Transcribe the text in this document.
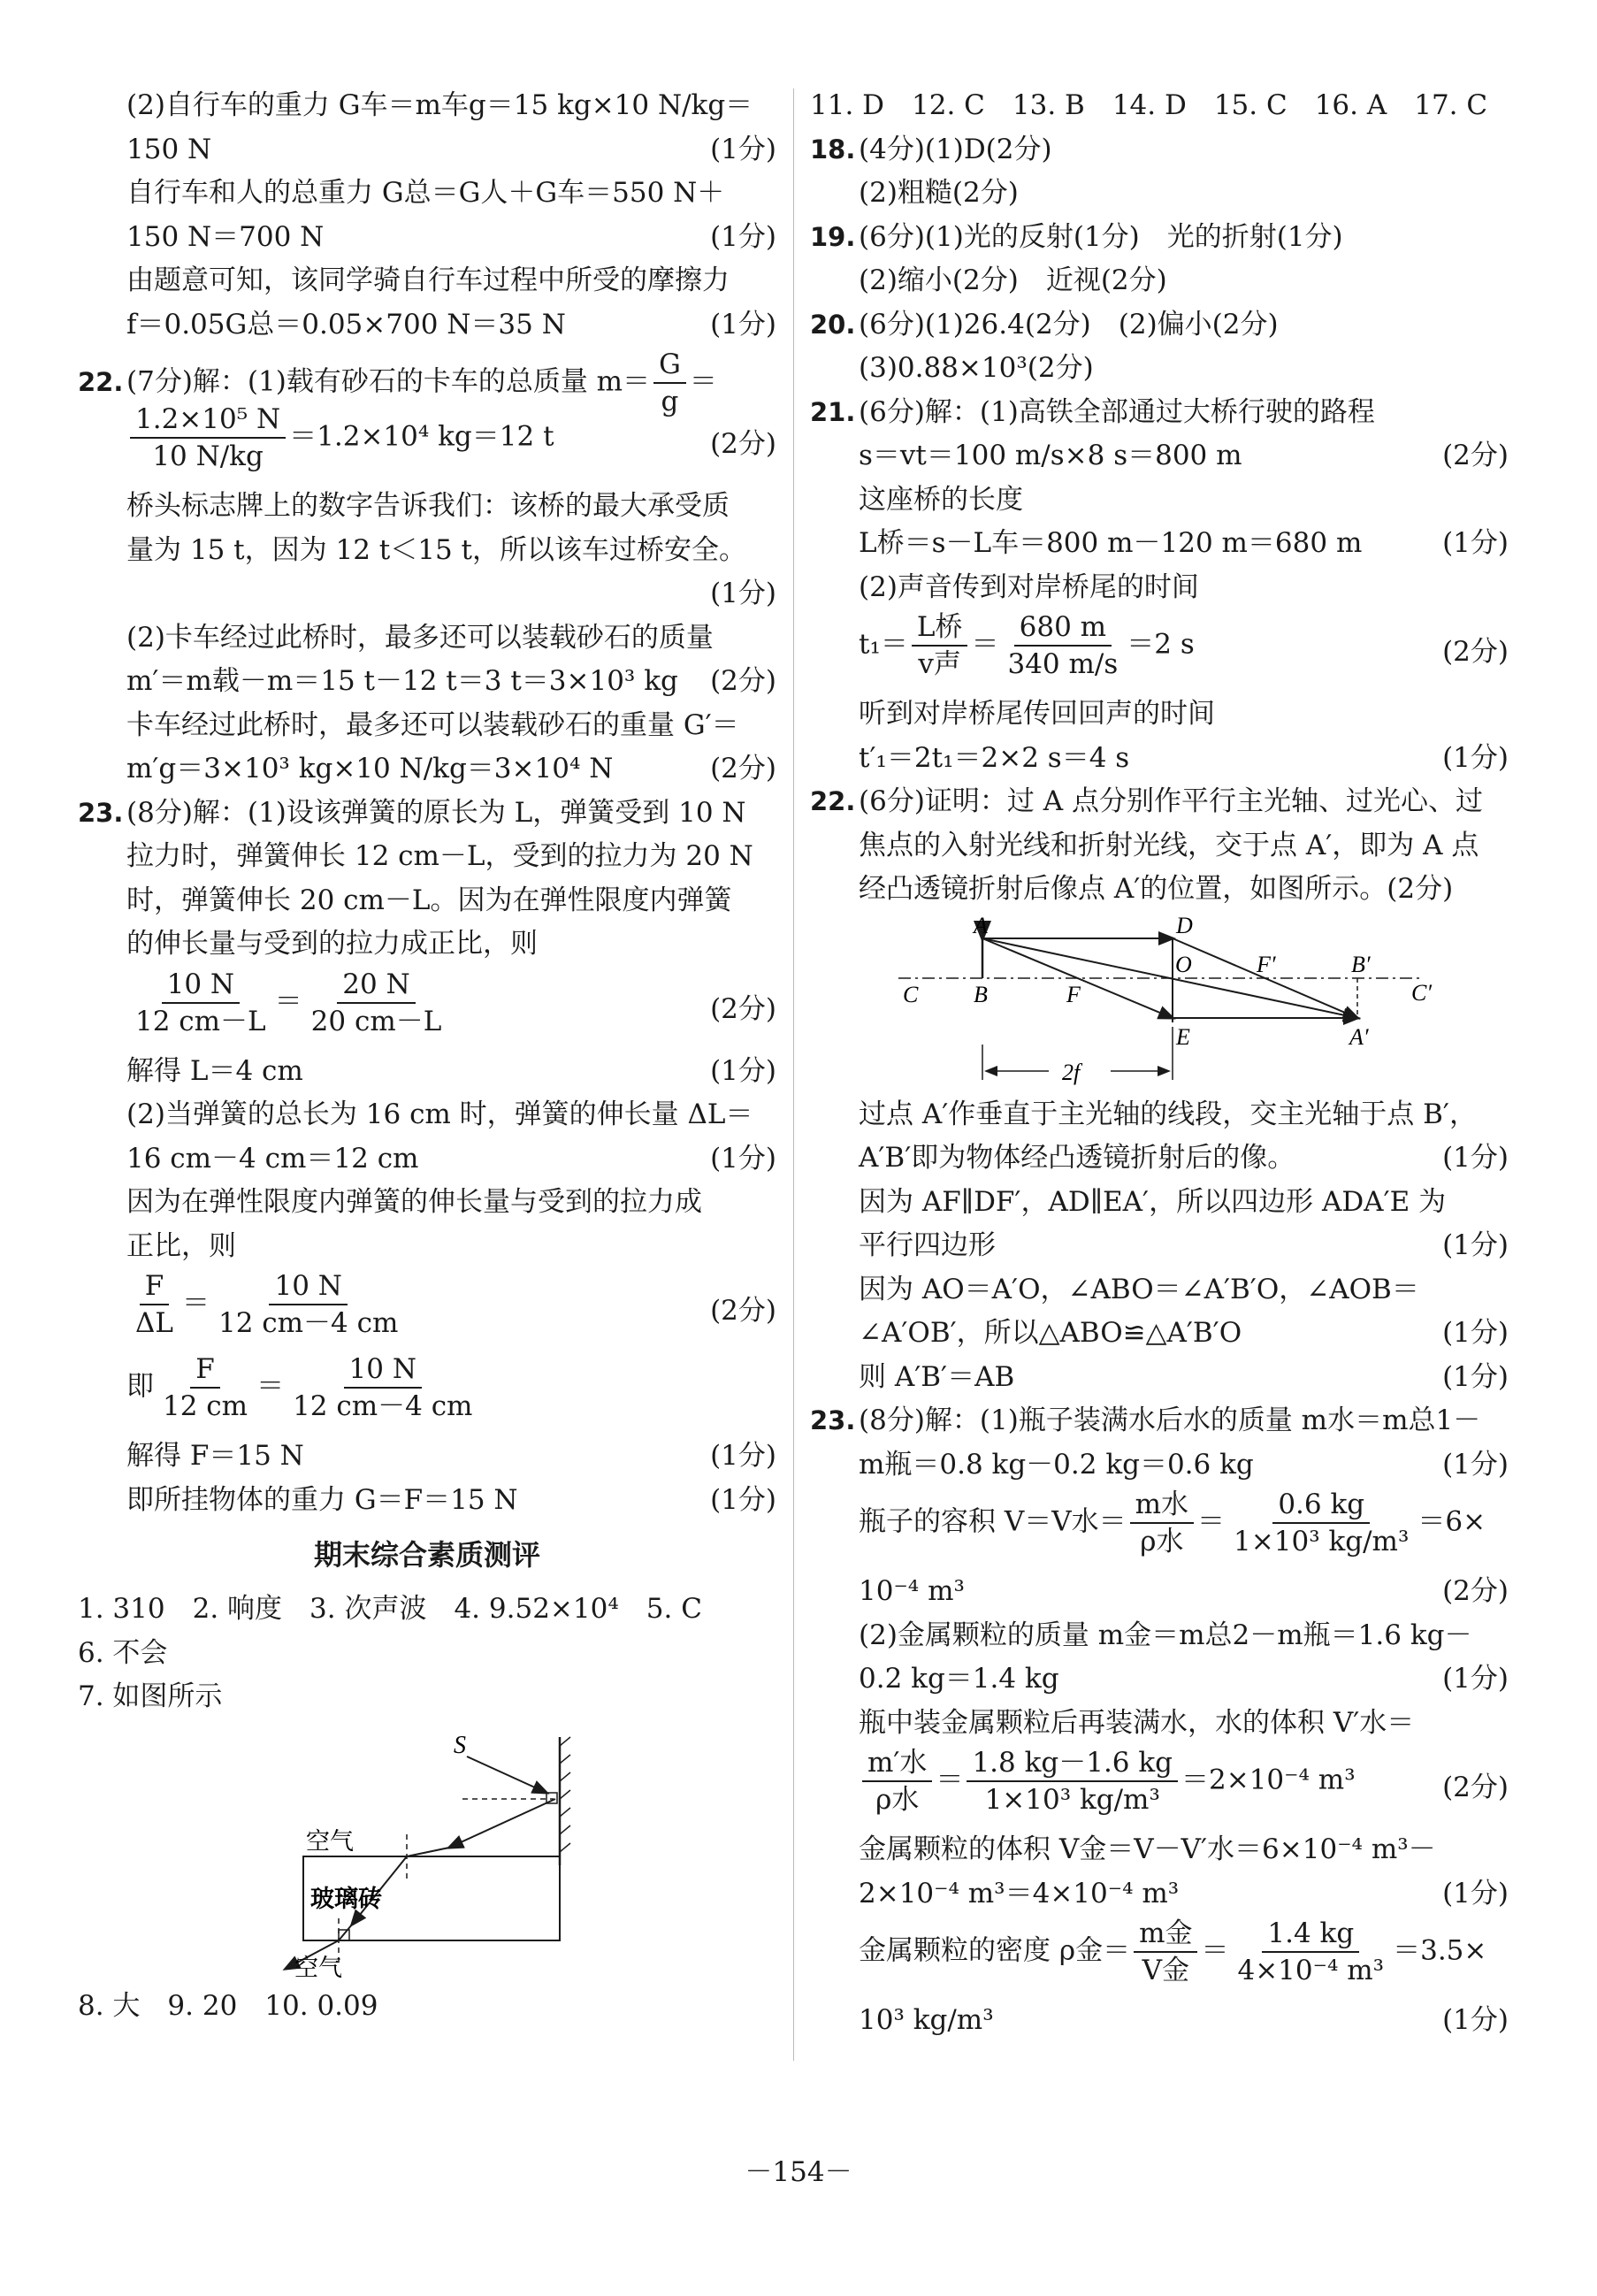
(2)自行车的重力 G车＝m车g＝15 kg×10 N/kg＝
150 N	(1分)
自行车和人的总重力 G总＝G人＋G车＝550 N＋
150 N＝700 N	(1分)
由题意可知，该同学骑自行车过程中所受的摩擦力
f＝0.05G总＝0.05×700 N＝35 N	(1分)
22. (7分)解：(1)载有砂石的卡车的总质量 $m= \frac{G}{g}$ ＝
$\frac{\text{1.2×10⁵ N}}{10 N/kg} =1.2\times 10^4$ kg＝12 t	(2分)
桥头标志牌上的数字告诉我们：该桥的最大承受质
量为 15 t，因为 12 t＜15 t，所以该车过桥安全。
(1分)
(2)卡车经过此桥时，最多还可以装载砂石的质量
m′＝m载－m＝15 t－12 t＝3 t＝3×10³ kg (2分)
卡车经过此桥时，最多还可以装载砂石的重量 G′＝
m′g＝3×10³ kg×10 N/kg＝3×10⁴ N	(2分)
23. (8分)解：(1)设该弹簧的原长为 L，弹簧受到 10 N
拉力时，弹簧伸长 12 cm－L，受到的拉力为 20 N
时，弹簧伸长 20 cm－L。因为在弹性限度内弹簧
的伸长量与受到的拉力成正比，则
$\frac{10 N}{12 cm-L} = \frac{20 N}{20 cm-L}$	(2分)
解得 L＝4 cm	(1分)
(2)当弹簧的总长为 16 cm 时，弹簧的伸长量 ΔL＝
16 cm－4 cm＝12 cm	(1分)
因为在弹性限度内弹簧的伸长量与受到的拉力成
正比，则
$\frac{F}{\Delta L} = \frac{10 N}{12 cm-4 cm}$	(2分)
即 $\frac{F}{12 cm} = \frac{10 N}{12 cm-4 cm}$
解得 F＝15 N	(1分)
即所挂物体的重力 G＝F＝15 N	(1分)
期末综合素质测评
1. 310　2. 响度　3. 次声波　4. 9.52×10⁴　5. C
6. 不会
7. 如图所示
S
空气
玻璃砖
空气
8. 大　9. 20　10. 0.09
11. D　12. C　13. B　14. D　15. C　16. A　17. C
18. (4分)(1)D(2分)
(2)粗糙(2分)
19. (6分)(1)光的反射(1分)　光的折射(1分)
(2)缩小(2分)　近视(2分)
20. (6分)(1)26.4(2分)　(2)偏小(2分)
(3)0.88×10³(2分)
21. (6分)解：(1)高铁全部通过大桥行驶的路程
s＝vt＝100 m/s×8 s＝800 m	(2分)
这座桥的长度
L桥＝s－L车＝800 m－120 m＝680 m	(1分)
(2)声音传到对岸桥尾的时间
$t_1= \frac{\text{L桥}}{\text{v声}} = \frac{680 m}{340 m/s} =2$ s	(2分)
听到对岸桥尾传回回声的时间
t′₁＝2t₁＝2×2 s＝4 s	(1分)
22. (6分)证明：过 A 点分别作平行主光轴、过光心、过
焦点的入射光线和折射光线，交于点 A′，即为 A 点
经凸透镜折射后像点 A′的位置，如图所示。(2分)
A
B
C
D
O
F
F′	B′
C′
A′
E
2f
过点 A′作垂直于主光轴的线段，交主光轴于点 B′，
A′B′即为物体经凸透镜折射后的像。	(1分)
因为 AF∥DF′，AD∥EA′，所以四边形 ADA′E 为
平行四边形	(1分)
因为 AO＝A′O，∠ABO＝∠A′B′O，∠AOB＝
∠A′OB′，所以△ABO≌△A′B′O	(1分)
则 A′B′＝AB	(1分)
23. (8分)解：(1)瓶子装满水后水的质量 m水＝m总1－
m瓶＝0.8 kg－0.2 kg＝0.6 kg	(1分)
瓶子的容积 V＝V水＝ $\frac{\text{m水}}{\text{ρ水}} = \frac{0.6 kg}{\text{1×10³ kg/m³}} =6\times$
10⁻⁴ m³	(2分)
(2)金属颗粒的质量 m金＝m总2－m瓶＝1.6 kg－
0.2 kg＝1.4 kg	(1分)
瓶中装金属颗粒后再装满水，水的体积 V′水＝
$\frac{\text{m′水}}{\text{ρ水}} = \frac{1.8 kg-1.6 kg}{\text{1×10³ kg/m³}} =2\times 10^{-4}$ m³	(2分)
金属颗粒的体积 V金＝V－V′水＝6×10⁻⁴ m³－
2×10⁻⁴ m³＝4×10⁻⁴ m³	(1分)
金属颗粒的密度 ρ金＝ $\frac{\text{m金}}{\text{V金}} = \frac{1.4 kg}{\text{4×10⁻⁴ m³}} =3.5\times$
10³ kg/m³	(1分)
－154－
